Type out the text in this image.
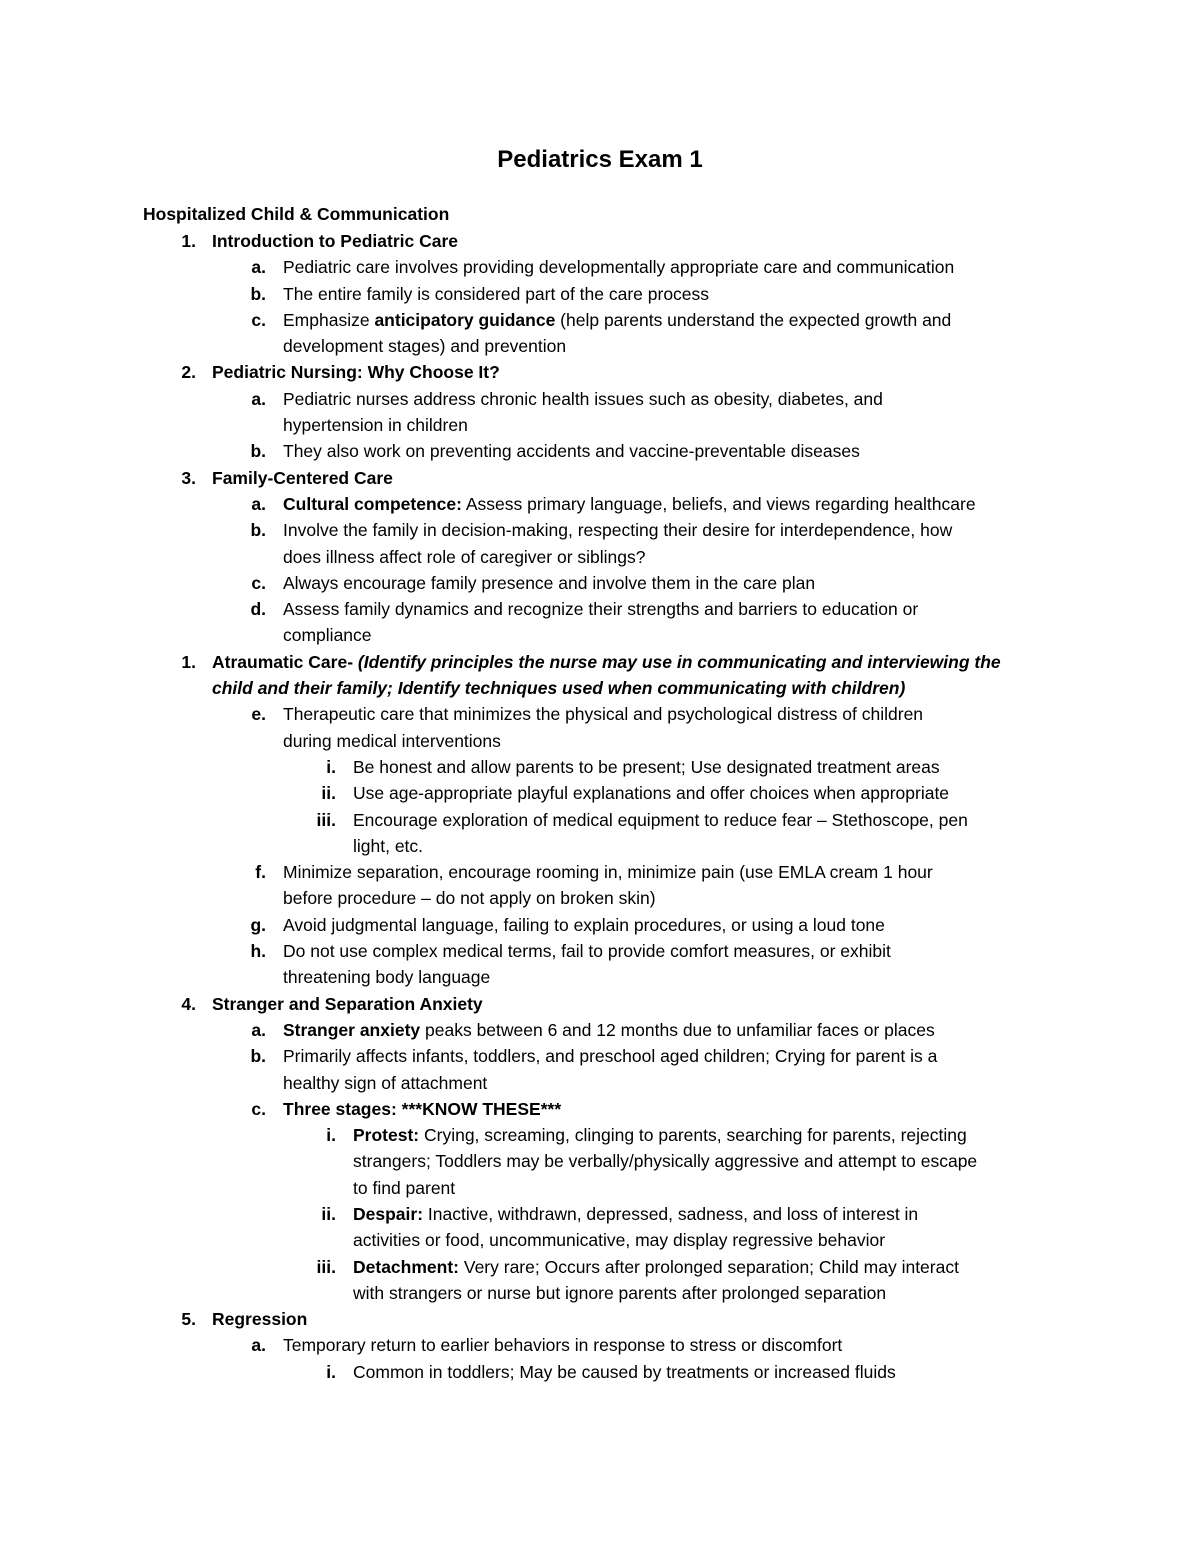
Pediatrics Exam 1
Hospitalized Child & Communication
1. Introduction to Pediatric Care
a. Pediatric care involves providing developmentally appropriate care and communication
b. The entire family is considered part of the care process
c. Emphasize anticipatory guidance (help parents understand the expected growth and
development stages) and prevention
2. Pediatric Nursing: Why Choose It?
a. Pediatric nurses address chronic health issues such as obesity, diabetes, and
hypertension in children
b. They also work on preventing accidents and vaccine-preventable diseases
3. Family-Centered Care
a. Cultural competence: Assess primary language, beliefs, and views regarding healthcare
b. Involve the family in decision-making, respecting their desire for interdependence, how
does illness affect role of caregiver or siblings?
c. Always encourage family presence and involve them in the care plan
d. Assess family dynamics and recognize their strengths and barriers to education or
compliance
1. Atraumatic Care- (Identify principles the nurse may use in communicating and interviewing the
child and their family; Identify techniques used when communicating with children)
e. Therapeutic care that minimizes the physical and psychological distress of children
during medical interventions
i. Be honest and allow parents to be present; Use designated treatment areas
ii. Use age-appropriate playful explanations and offer choices when appropriate
iii. Encourage exploration of medical equipment to reduce fear – Stethoscope, pen
light, etc.
f. Minimize separation, encourage rooming in, minimize pain (use EMLA cream 1 hour
before procedure – do not apply on broken skin)
g. Avoid judgmental language, failing to explain procedures, or using a loud tone
h. Do not use complex medical terms, fail to provide comfort measures, or exhibit
threatening body language
4. Stranger and Separation Anxiety
a. Stranger anxiety peaks between 6 and 12 months due to unfamiliar faces or places
b. Primarily affects infants, toddlers, and preschool aged children; Crying for parent is a
healthy sign of attachment
c. Three stages: ***KNOW THESE***
i. Protest: Crying, screaming, clinging to parents, searching for parents, rejecting
strangers; Toddlers may be verbally/physically aggressive and attempt to escape
to find parent
ii. Despair: Inactive, withdrawn, depressed, sadness, and loss of interest in
activities or food, uncommunicative, may display regressive behavior
iii. Detachment: Very rare; Occurs after prolonged separation; Child may interact
with strangers or nurse but ignore parents after prolonged separation
5. Regression
a. Temporary return to earlier behaviors in response to stress or discomfort
i. Common in toddlers; May be caused by treatments or increased fluids
